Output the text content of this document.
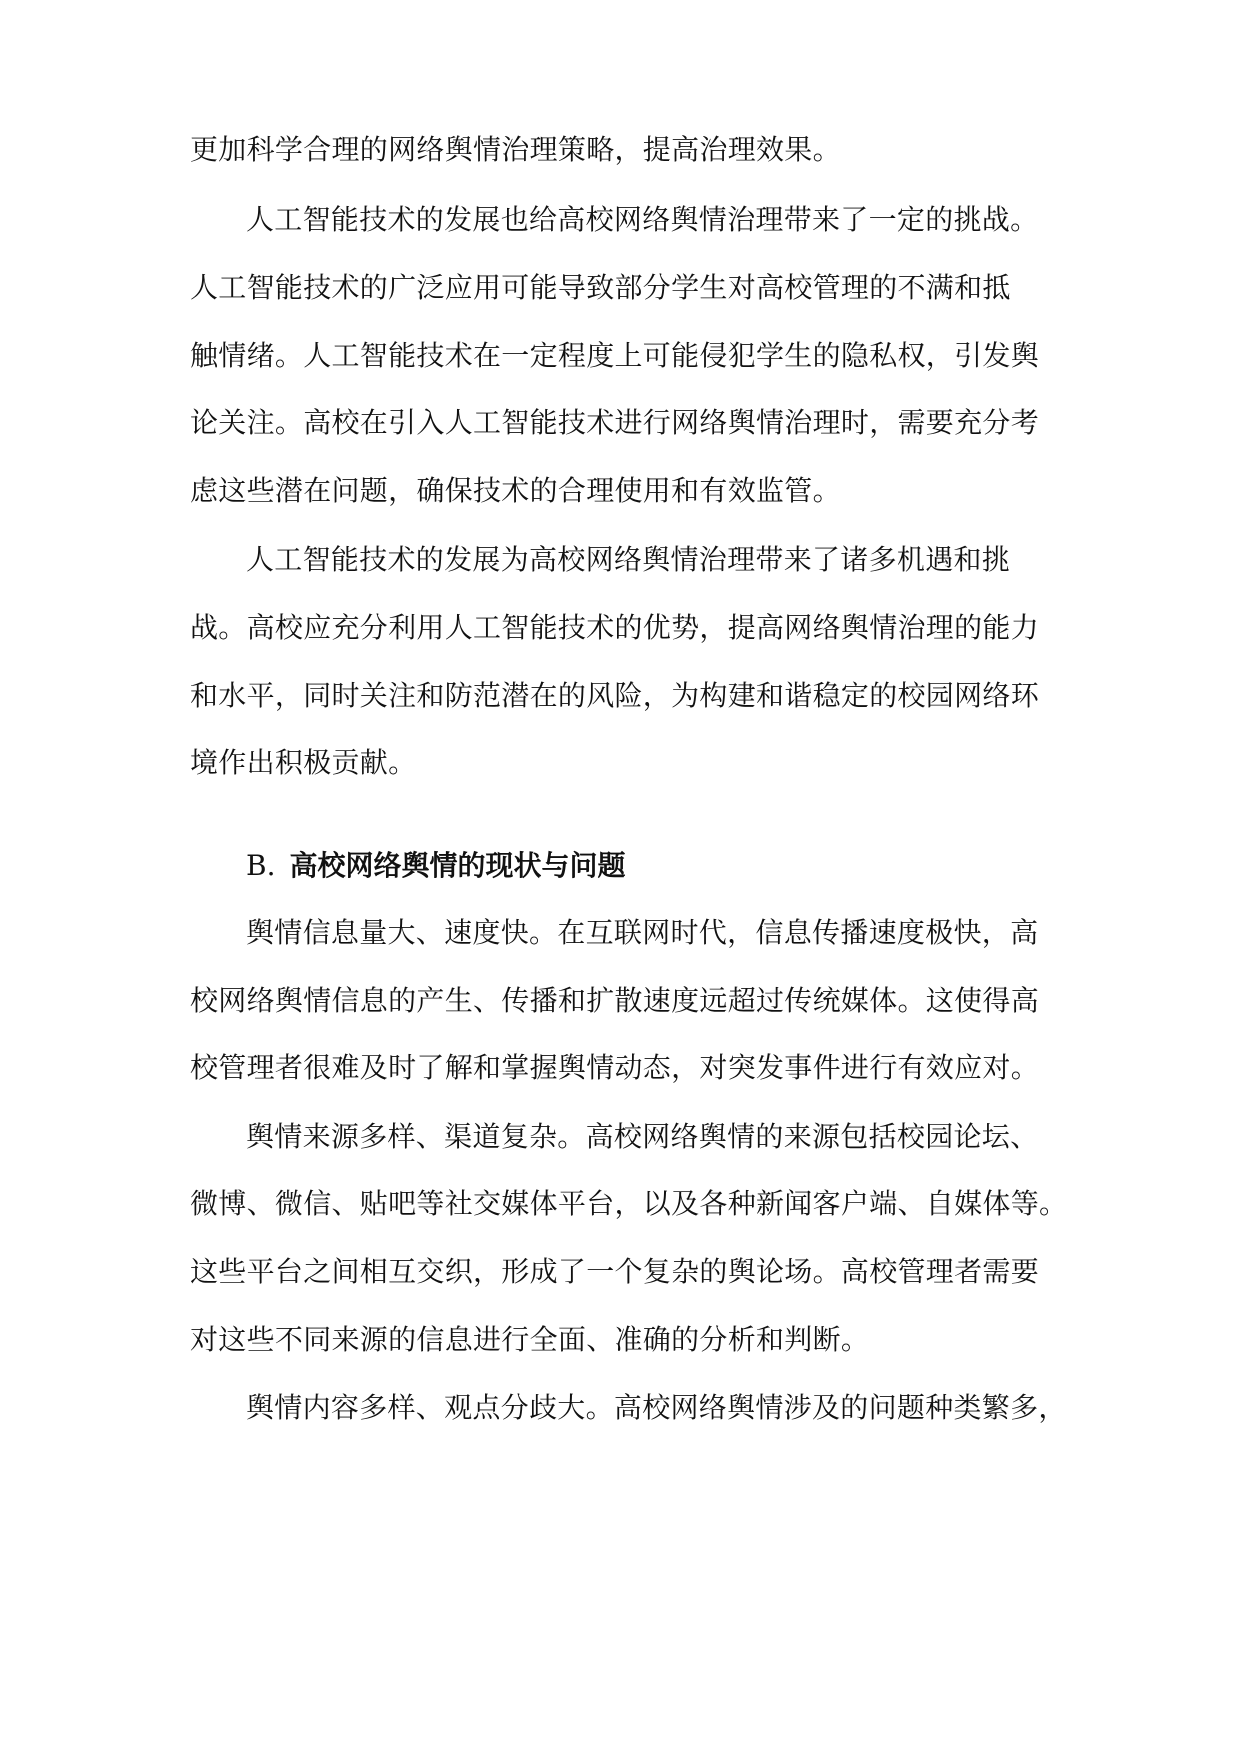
更加科学合理的网络舆情治理策略，提高治理效果。
人工智能技术的发展也给高校网络舆情治理带来了一定的挑战。
人工智能技术的广泛应用可能导致部分学生对高校管理的不满和抵
触情绪。人工智能技术在一定程度上可能侵犯学生的隐私权，引发舆
论关注。高校在引入人工智能技术进行网络舆情治理时，需要充分考
虑这些潜在问题，确保技术的合理使用和有效监管。
人工智能技术的发展为高校网络舆情治理带来了诸多机遇和挑
战。高校应充分利用人工智能技术的优势，提高网络舆情治理的能力
和水平，同时关注和防范潜在的风险，为构建和谐稳定的校园网络环
境作出积极贡献。
B. 高校网络舆情的现状与问题
舆情信息量大、速度快。在互联网时代，信息传播速度极快，高
校网络舆情信息的产生、传播和扩散速度远超过传统媒体。这使得高
校管理者很难及时了解和掌握舆情动态，对突发事件进行有效应对。
舆情来源多样、渠道复杂。高校网络舆情的来源包括校园论坛、
微博、微信、贴吧等社交媒体平台，以及各种新闻客户端、自媒体等。
这些平台之间相互交织，形成了一个复杂的舆论场。高校管理者需要
对这些不同来源的信息进行全面、准确的分析和判断。
舆情内容多样、观点分歧大。高校网络舆情涉及的问题种类繁多，
